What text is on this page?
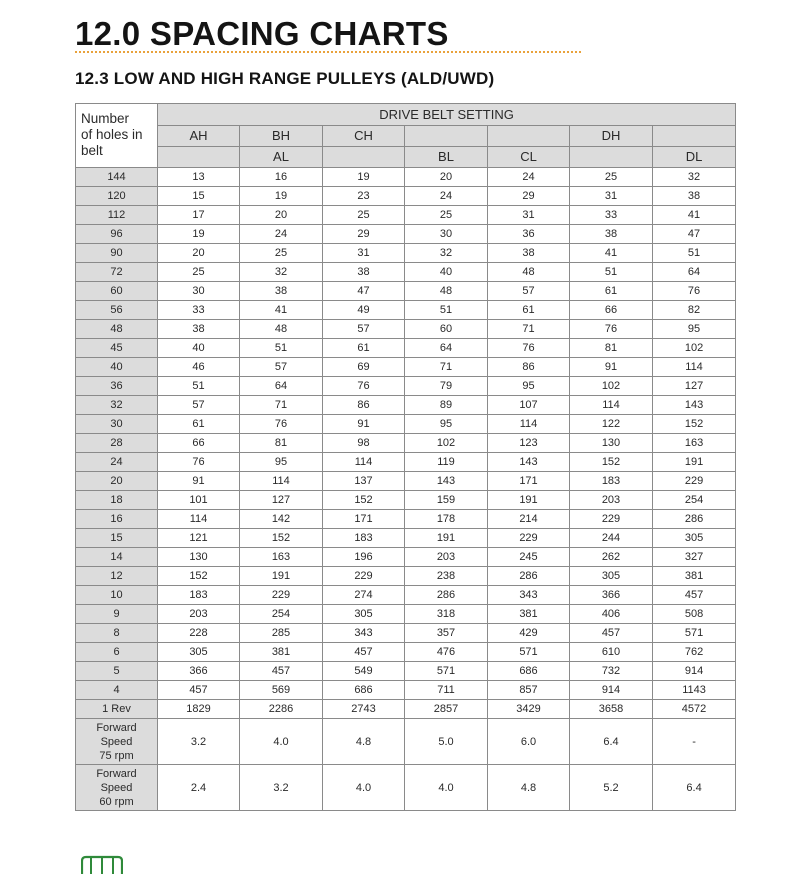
12.0 SPACING CHARTS
12.3 LOW AND HIGH RANGE PULLEYS (ALD/UWD)
Number
of holes in
belt	DRIVE BELT SETTING						
	AH	BH	CH			DH	
		AL		BL	CL		DL
144	13	16	19	20	24	25	32
120	15	19	23	24	29	31	38
112	17	20	25	25	31	33	41
96	19	24	29	30	36	38	47
90	20	25	31	32	38	41	51
72	25	32	38	40	48	51	64
60	30	38	47	48	57	61	76
56	33	41	49	51	61	66	82
48	38	48	57	60	71	76	95
45	40	51	61	64	76	81	102
40	46	57	69	71	86	91	114
36	51	64	76	79	95	102	127
32	57	71	86	89	107	114	143
30	61	76	91	95	114	122	152
28	66	81	98	102	123	130	163
24	76	95	114	119	143	152	191
20	91	114	137	143	171	183	229
18	101	127	152	159	191	203	254
16	114	142	171	178	214	229	286
15	121	152	183	191	229	244	305
14	130	163	196	203	245	262	327
12	152	191	229	238	286	305	381
10	183	229	274	286	343	366	457
9	203	254	305	318	381	406	508
8	228	285	343	357	429	457	571
6	305	381	457	476	571	610	762
5	366	457	549	571	686	732	914
4	457	569	686	711	857	914	1143
1 Rev	1829	2286	2743	2857	3429	3658	4572

Forward
Speed
75 rpm	3.2	4.0	4.8	5.0	6.0	6.4	-

Forward
Speed
60 rpm	2.4	3.2	4.0	4.0	4.8	5.2	6.4
